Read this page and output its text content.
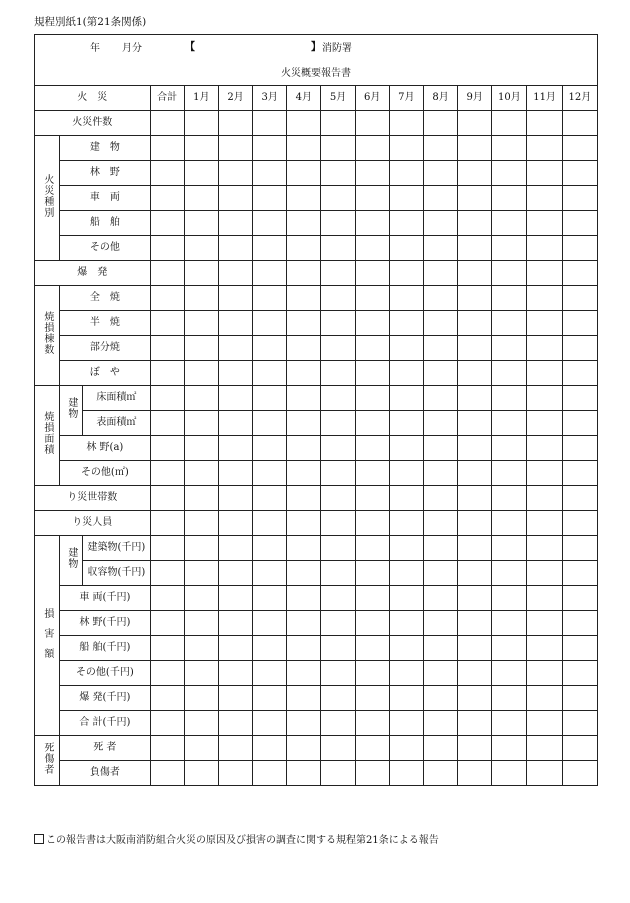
規程別紙1(第21条関係)
年 月分 【 】 消防署															

火災概要報告書															
火　災			合計	1月	2月	3月	4月	5月	6月	7月	8月	9月	10月	11月	12月
火災件数															
火災種別	建　物														
	林　野														
	車　両														
	船　舶														
	その他														
爆　発															
焼損棟数	全　焼														
	半　焼														
	部分焼														
	ぼ　や														
焼損面積	建物	床面積㎡													
		表面積㎡													
	林 野(a)														
	その他(㎡)														
り災世帯数															
り災人員															
損　害　額	建物	建築物(千円)													
		収容物(千円)													
	車 両(千円)														
	林 野(千円)														
	船 舶(千円)														
	その他(千円)														
	爆 発(千円)														
	合 計(千円)														
死傷者	死 者														
	負傷者														
この報告書は大阪南消防組合火災の原因及び損害の調査に関する規程第21条による報告
